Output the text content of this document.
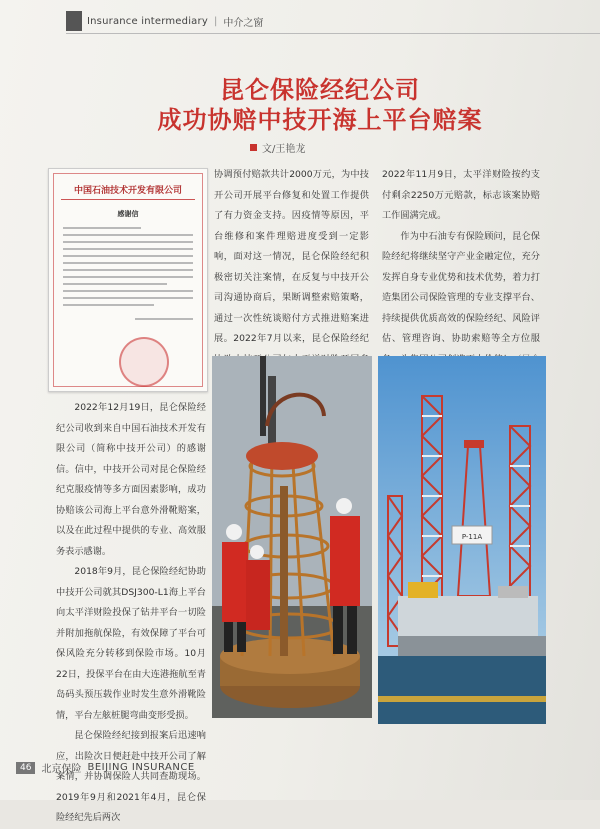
Insurance intermediary | 中介之窗
昆仑保险经纪公司
成功协赔中技开海上平台赔案
文/王艳龙
中国石油技术开发有限公司
感谢信

2022年12月19日，昆仑保险经纪公司收到来自中国石油技术开发有限公司（简称中技开公司）的感谢信。信中，中技开公司对昆仑保险经纪克服疫情等多方面因素影响，成功协赔该公司海上平台意外滑靴赔案，以及在此过程中提供的专业、高效服务表示感谢。

2018年9月，昆仑保险经纪协助中技开公司就其DSJ300-L1海上平台向太平洋财险投保了钻井平台一切险并附加拖航保险，有效保障了平台可保风险充分转移到保险市场。10月22日，投保平台在由大连港拖航至青岛码头预压载作业时发生意外滑靴险情，平台左舷桩腿弯曲变形受损。

昆仑保险经纪接到报案后迅速响应，出险次日便赶赴中技开公司了解案情，并协调保险人共同查勘现场。2019年9月和2021年4月，昆仑保险经纪先后两次

协调预付赔款共计2000万元，为中技开公司开展平台修复和处置工作提供了有力资金支持。因疫情等原因，平台维修和案件理赔进度受到一定影响，面对这一情况，昆仑保险经纪积极密切关注案情，在反复与中技开公司沟通协商后，果断调整索赔策略，通过一次性统谈赔付方式推进赔案进展。2022年7月以来，昆仑保险经纪

2022年11月9日，太平洋财险按约支付剩余2250万元赔款，标志该案协赔工作圆满完成。

作为中石油专有保险顾问，昆仑保险经纪将继续坚守产业金融定位，充分发挥自身专业优势和技术优势，着力打造集团公司保险管理的专业支撑平台、持续提供优质高效的保险经纪、风险评估、管理咨询、协助索赔等全方位服

P-11A
46	北京保险 BEIJING INSURANCE
